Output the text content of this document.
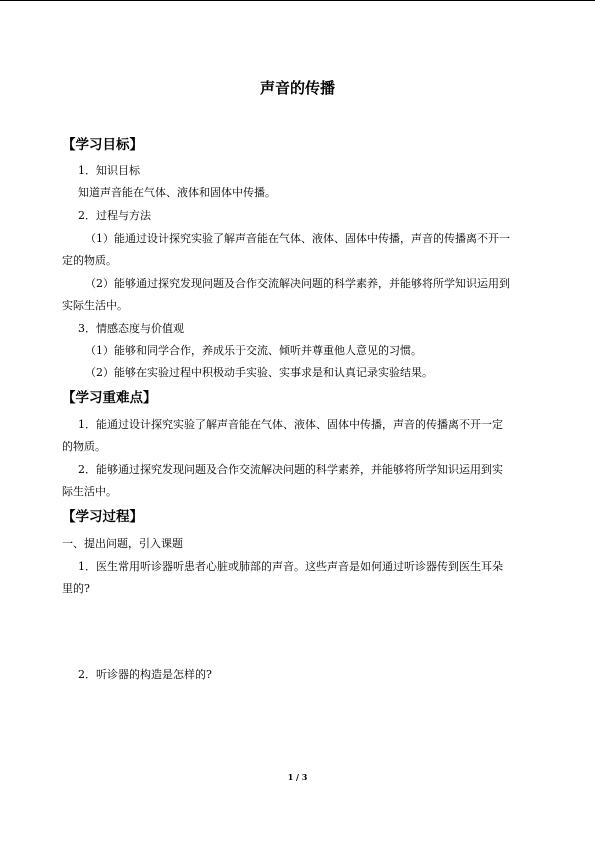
声音的传播
【学习目标】
1．知识目标
知道声音能在气体、液体和固体中传播。
2．过程与方法
（1）能通过设计探究实验了解声音能在气体、液体、固体中传播，声音的传播离不开一
定的物质。
（2）能够通过探究发现问题及合作交流解决问题的科学素养，并能够将所学知识运用到
实际生活中。
3．情感态度与价值观
（1）能够和同学合作，养成乐于交流、倾听并尊重他人意见的习惯。
（2）能够在实验过程中积极动手实验、实事求是和认真记录实验结果。
【学习重难点】
1．能通过设计探究实验了解声音能在气体、液体、固体中传播，声音的传播离不开一定
的物质。
2．能够通过探究发现问题及合作交流解决问题的科学素养，并能够将所学知识运用到实
际生活中。
【学习过程】
一、提出问题，引入课题
1．医生常用听诊器听患者心脏或肺部的声音。这些声音是如何通过听诊器传到医生耳朵
里的?
2．听诊器的构造是怎样的?
1 / 3
